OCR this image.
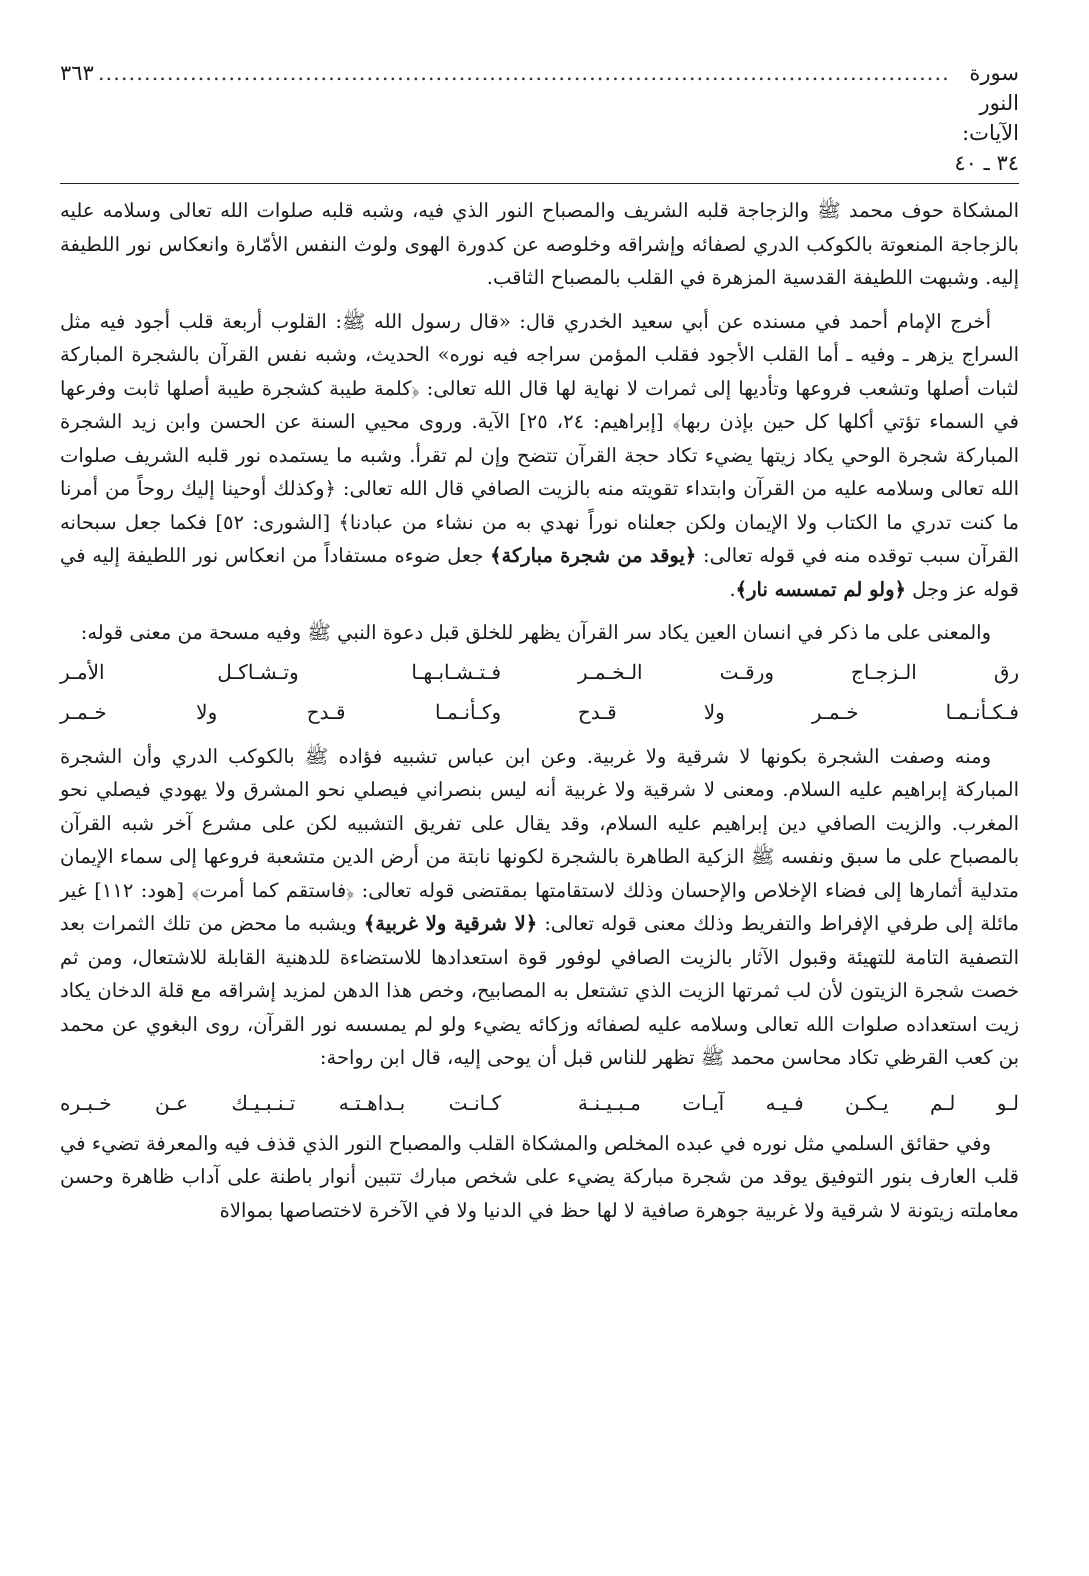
سورة النور الآيات: ٣٤ ـ ٤٠
...............................................................................................................
٣٦٣

المشكاة حوف محمد ﷺ والزجاجة قلبه الشريف والمصباح النور الذي فيه، وشبه قلبه صلوات الله تعالى وسلامه عليه بالزجاجة المنعوتة بالكوكب الدري لصفائه وإشراقه وخلوصه عن كدورة الهوى ولوث النفس الأمّارة وانعكاس نور اللطيفة إليه. وشبهت اللطيفة القدسية المزهرة في القلب بالمصباح الثاقب.

أخرج الإمام أحمد في مسنده عن أبي سعيد الخدري قال: «قال رسول الله ﷺ: القلوب أربعة قلب أجود فيه مثل السراج يزهر ـ وفيه ـ أما القلب الأجود فقلب المؤمن سراجه فيه نوره» الحديث، وشبه نفس القرآن بالشجرة المباركة لثبات أصلها وتشعب فروعها وتأديها إلى ثمرات لا نهاية لها قال الله تعالى: ﴿كلمة طيبة كشجرة طيبة أصلها ثابت وفرعها في السماء تؤتي أكلها كل حين بإذن ربها﴾ [إبراهيم: ٢٤، ٢٥] الآية. وروى محيي السنة عن الحسن وابن زيد الشجرة المباركة شجرة الوحي يكاد زيتها يضيء تكاد حجة القرآن تتضح وإن لم تقرأ. وشبه ما يستمده نور قلبه الشريف صلوات الله تعالى وسلامه عليه من القرآن وابتداء تقويته منه بالزيت الصافي قال الله تعالى: ﴿وكذلك أوحينا إليك روحاً من أمرنا ما كنت تدري ما الكتاب ولا الإيمان ولكن جعلناه نوراً نهدي به من نشاء من عبادنا﴾ [الشورى: ٥٢] فكما جعل سبحانه القرآن سبب توقده منه في قوله تعالى: ﴿يوقد من شجرة مباركة﴾ جعل ضوءه مستفاداً من انعكاس نور اللطيفة إليه في قوله عز وجل ﴿ولو لم تمسسه نار﴾.

والمعنى على ما ذكر في انسان العين يكاد سر القرآن يظهر للخلق قبل دعوة النبي ﷺ وفيه مسحة من معنى قوله:

رق الـزجـاج ورقـت الـخـمـر
فـتـشـابـهـا وتـشـاكـل الأمـر
فـكـأنـمـا خـمـر ولا قـدح
وكـأنـمـا قـدح ولا خـمـر

ومنه وصفت الشجرة بكونها لا شرقية ولا غربية. وعن ابن عباس تشبيه فؤاده ﷺ بالكوكب الدري وأن الشجرة المباركة إبراهيم عليه السلام. ومعنى لا شرقية ولا غربية أنه ليس بنصراني فيصلي نحو المشرق ولا يهودي فيصلي نحو المغرب. والزيت الصافي دين إبراهيم عليه السلام، وقد يقال على تفريق التشبيه لكن على مشرع آخر شبه القرآن بالمصباح على ما سبق ونفسه ﷺ الزكية الطاهرة بالشجرة لكونها نابتة من أرض الدين متشعبة فروعها إلى سماء الإيمان متدلية أثمارها إلى فضاء الإخلاص والإحسان وذلك لاستقامتها بمقتضى قوله تعالى: ﴿فاستقم كما أمرت﴾ [هود: ١١٢] غير مائلة إلى طرفي الإفراط والتفريط وذلك معنى قوله تعالى: ﴿لا شرقية ولا غربية﴾ ويشبه ما محض من تلك الثمرات بعد التصفية التامة للتهيئة وقبول الآثار بالزيت الصافي لوفور قوة استعدادها للاستضاءة للدهنية القابلة للاشتعال، ومن ثم خصت شجرة الزيتون لأن لب ثمرتها الزيت الذي تشتعل به المصابيح، وخص هذا الدهن لمزيد إشراقه مع قلة الدخان يكاد زيت استعداده صلوات الله تعالى وسلامه عليه لصفائه وزكائه يضيء ولو لم يمسسه نور القرآن، روى البغوي عن محمد بن كعب القرظي تكاد محاسن محمد ﷺ تظهر للناس قبل أن يوحى إليه، قال ابن رواحة:

لـو لـم يـكـن فـيـه آيـات مـبـيـنـة
كـانـت بـداهـتـه تـنـبـيـك عـن خـبـره

وفي حقائق السلمي مثل نوره في عبده المخلص والمشكاة القلب والمصباح النور الذي قذف فيه والمعرفة تضيء في قلب العارف بنور التوفيق يوقد من شجرة مباركة يضيء على شخص مبارك تتبين أنوار باطنة على آداب ظاهرة وحسن معاملته زيتونة لا شرقية ولا غربية جوهرة صافية لا لها حظ في الدنيا ولا في الآخرة لاختصاصها بموالاة
